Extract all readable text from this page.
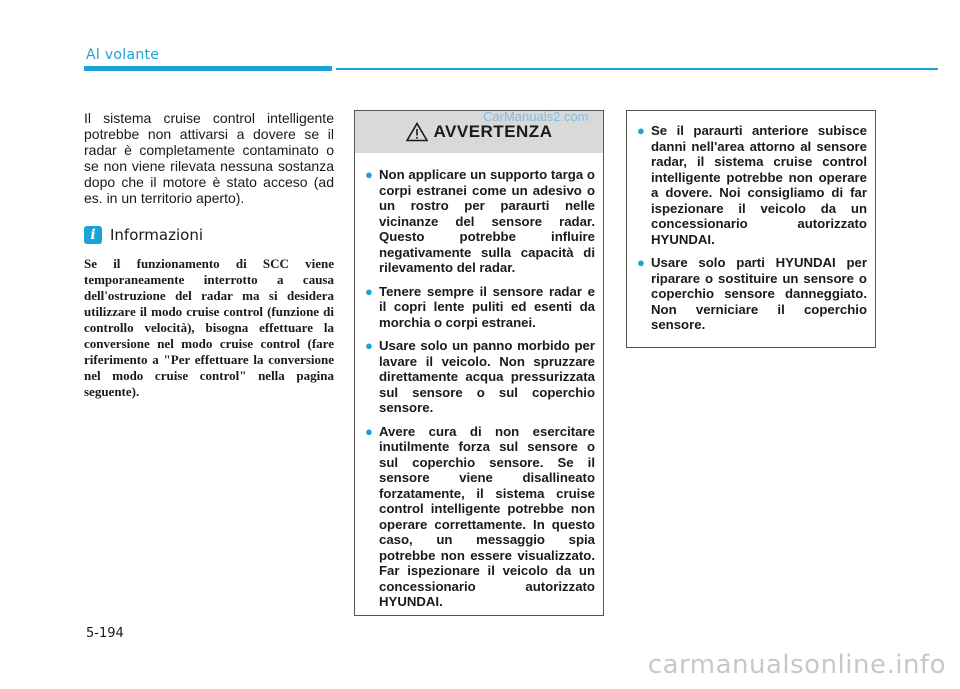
Al volante

Il sistema cruise control intelligente potrebbe non attivarsi a dovere se il radar è completamente contaminato o se non viene rilevata nessuna sostanza dopo che il motore è stato acceso (ad es. in un territorio aperto).

i Informazioni
Se il funzionamento di SCC viene temporaneamente interrotto a causa dell'ostruzione del radar ma si desidera utilizzare il modo cruise control (funzione di controllo velocità), bisogna effettuare la conversione nel modo cruise control (fare riferimento a "Per effettuare la conversione nel modo cruise control" nella pagina seguente).
AVVERTENZA
CarManuals2.com
● Non applicare un supporto targa o corpi estranei come un adesivo o un rostro per paraurti nelle vicinanze del sensore radar. Questo potrebbe influire negativamente sulla capacità di rilevamento del radar.
● Tenere sempre il sensore radar e il copri lente puliti ed esenti da morchia o corpi estranei.
● Usare solo un panno morbido per lavare il veicolo. Non spruzzare direttamente acqua pressurizzata sul sensore o sul coperchio sensore.
● Avere cura di non esercitare inutilmente forza sul sensore o sul coperchio sensore. Se il sensore viene disallineato forzatamente, il sistema cruise control intelligente potrebbe non operare correttamente. In questo caso, un messaggio spia potrebbe non essere visualizzato. Far ispezionare il veicolo da un concessionario autorizzato HYUNDAI.
● Se il paraurti anteriore subisce danni nell'area attorno al sensore radar, il sistema cruise control intelligente potrebbe non operare a dovere. Noi consigliamo di far ispezionare il veicolo da un concessionario autorizzato HYUNDAI.
● Usare solo parti HYUNDAI per riparare o sostituire un sensore o coperchio sensore danneggiato. Non verniciare il coperchio sensore.
5-194
carmanualsonline.info
